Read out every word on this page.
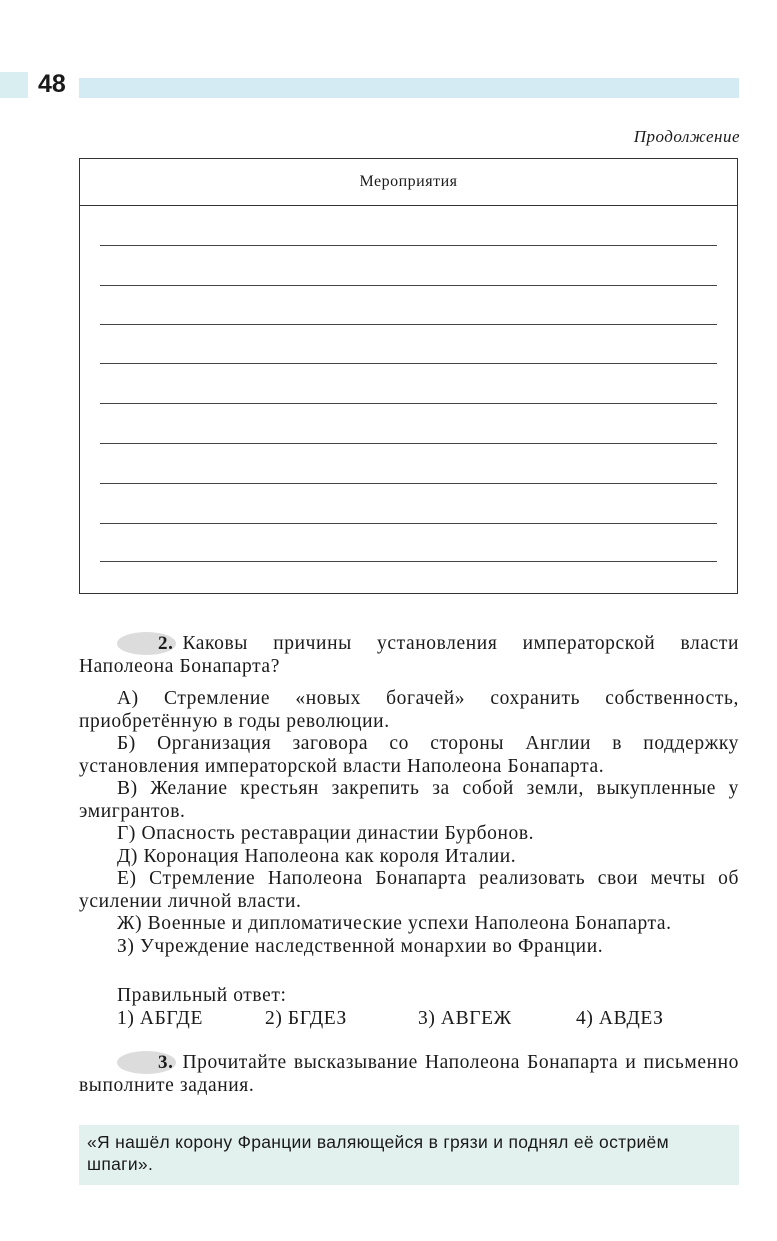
48
Продолжение
Мероприятия
2. Каковы причины установления императорской власти Наполеона Бонапарта?
А) Стремление «новых богачей» сохранить собственность, приобретённую в годы революции.
Б) Организация заговора со стороны Англии в поддержку установления императорской власти Наполеона Бонапарта.
В) Желание крестьян закрепить за собой земли, выкупленные у эмигрантов.
Г) Опасность реставрации династии Бурбонов.
Д) Коронация Наполеона как короля Италии.
Е) Стремление Наполеона Бонапарта реализовать свои мечты об усилении личной власти.
Ж) Военные и дипломатические успехи Наполеона Бонапарта.
З) Учреждение наследственной монархии во Франции.
Правильный ответ:
1) АБГДЕ	2) БГДЕЗ	3) АВГЕЖ	4) АВДЕЗ
3. Прочитайте высказывание Наполеона Бонапарта и письменно выполните задания.
«Я нашёл корону Франции валяющейся в грязи и поднял её остриём шпаги».
